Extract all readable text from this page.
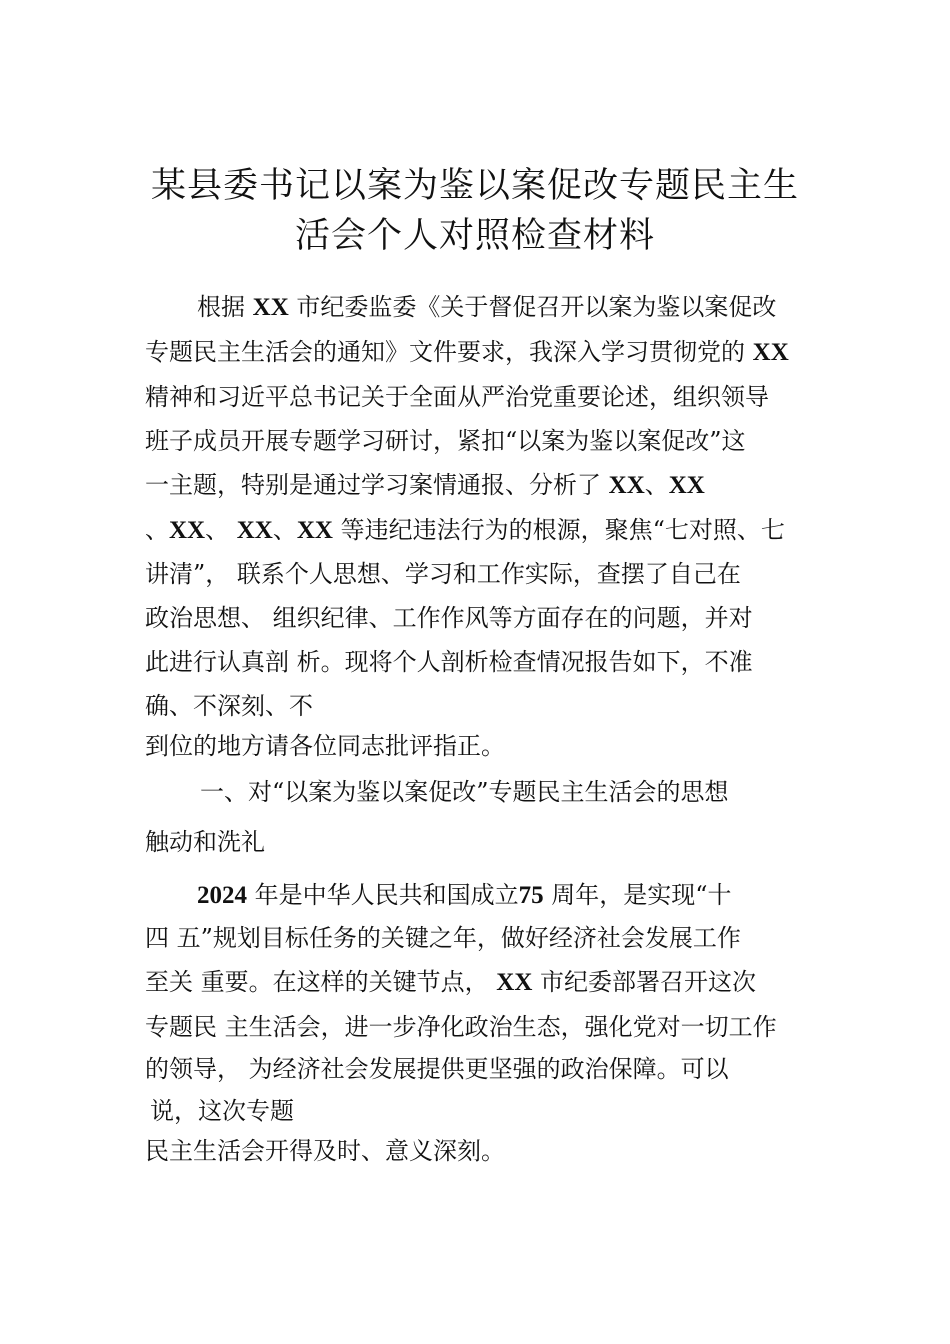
某县委书记以案为鉴以案促改专题民主生
活会个人对照检查材料
根据 XX 市纪委监委《关于督促召开以案为鉴以案促改
专题民主生活会的通知》文件要求，我深入学习贯彻党的 XX
精神和习近平总书记关于全面从严治党重要论述，组织领导
班子成员开展专题学习研讨，紧扣“以案为鉴以案促改”这
一主题，特别是通过学习案情通报、分析了 XX、XX
、XX、 XX、XX 等违纪违法行为的根源，聚焦“七对照、七
讲清”， 联系个人思想、学习和工作实际，查摆了自己在
政治思想、 组织纪律、工作作风等方面存在的问题，并对
此进行认真剖 析。现将个人剖析检查情况报告如下，不准
确、不深刻、不
到位的地方请各位同志批评指正。
一、对“以案为鉴以案促改”专题民主生活会的思想
触动和洗礼
2024 年是中华人民共和国成立75 周年，是实现“十
四 五”规划目标任务的关键之年，做好经济社会发展工作
至关 重要。在这样的关键节点， XX 市纪委部署召开这次
专题民 主生活会，进一步净化政治生态，强化党对一切工作
的领导， 为经济社会发展提供更坚强的政治保障。可以
说，这次专题
民主生活会开得及时、意义深刻。
